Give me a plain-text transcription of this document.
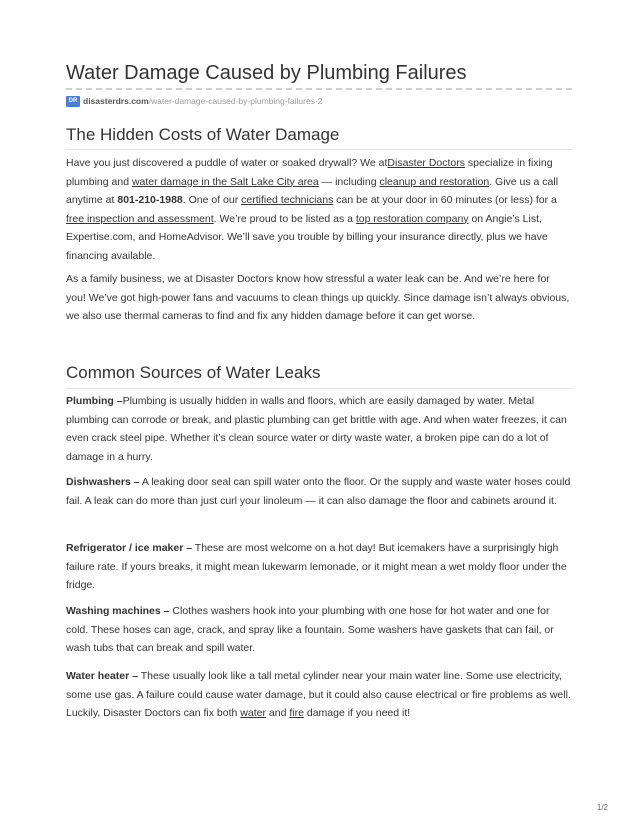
Water Damage Caused by Plumbing Failures
DR disasterdrs.com /water-damage-caused-by-plumbing-failures-2
The Hidden Costs of Water Damage

Have you just discovered a puddle of water or soaked drywall? We atDisaster Doctors specialize in fixing plumbing and water damage in the Salt Lake City area — including cleanup and restoration. Give us a call anytime at 801-210-1988. One of our certified technicians can be at your door in 60 minutes (or less) for a free inspection and assessment. We’re proud to be listed as a top restoration company on Angie’s List, Expertise.com, and HomeAdvisor. We’ll save you trouble by billing your insurance directly, plus we have financing available.

As a family business, we at Disaster Doctors know how stressful a water leak can be. And we’re here for you! We’ve got high-power fans and vacuums to clean things up quickly. Since damage isn’t always obvious, we also use thermal cameras to find and fix any hidden damage before it can get worse.

Common Sources of Water Leaks

Plumbing –Plumbing is usually hidden in walls and floors, which are easily damaged by water. Metal plumbing can corrode or break, and plastic plumbing can get brittle with age. And when water freezes, it can even crack steel pipe. Whether it’s clean source water or dirty waste water, a broken pipe can do a lot of damage in a hurry.

Dishwashers – A leaking door seal can spill water onto the floor. Or the supply and waste water hoses could fail. A leak can do more than just curl your linoleum — it can also damage the floor and cabinets around it.

Refrigerator / ice maker – These are most welcome on a hot day! But icemakers have a surprisingly high failure rate. If yours breaks, it might mean lukewarm lemonade, or it might mean a wet moldy floor under the fridge.

Washing machines – Clothes washers hook into your plumbing with one hose for hot water and one for cold. These hoses can age, crack, and spray like a fountain. Some washers have gaskets that can fail, or wash tubs that can break and spill water.

Water heater – These usually look like a tall metal cylinder near your main water line. Some use electricity, some use gas. A failure could cause water damage, but it could also cause electrical or fire problems as well. Luckily, Disaster Doctors can fix both water and fire damage if you need it!

1/2
